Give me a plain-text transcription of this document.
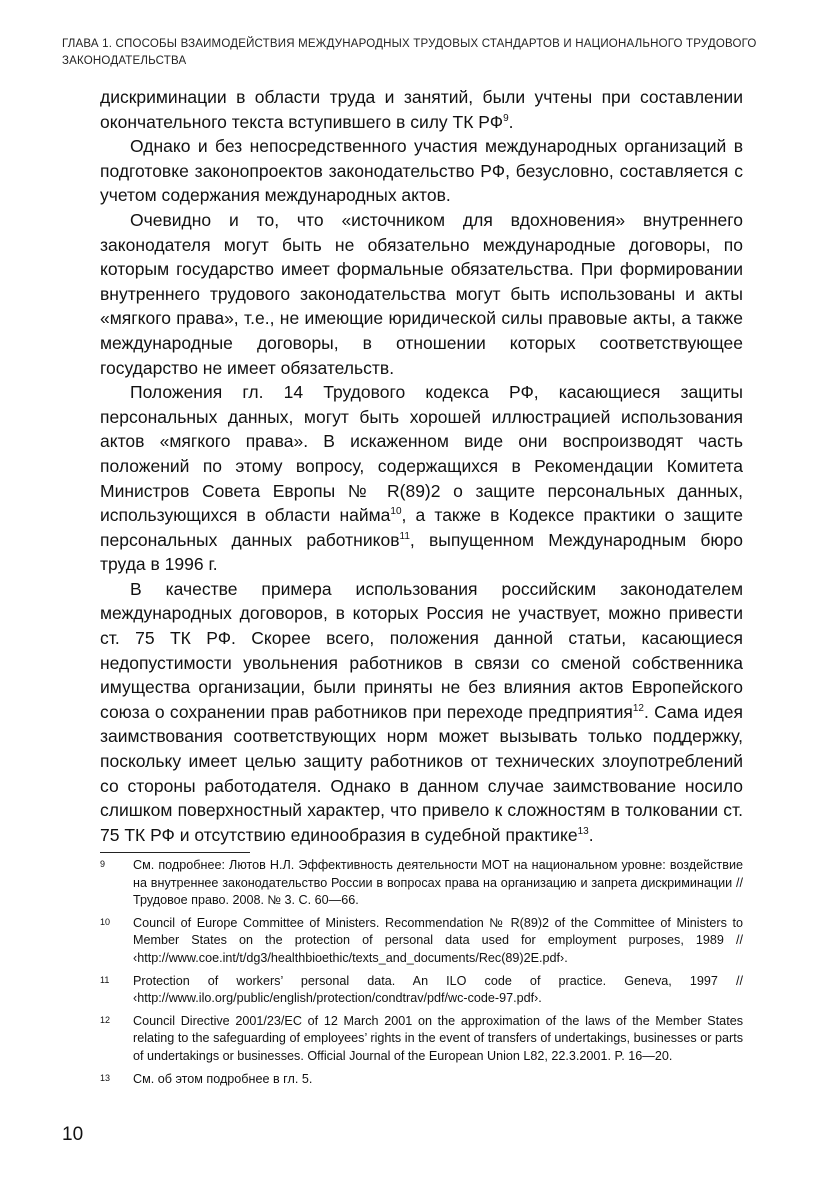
ГЛАВА 1. СПОСОБЫ ВЗАИМОДЕЙСТВИЯ МЕЖДУНАРОДНЫХ ТРУДОВЫХ СТАНДАРТОВ И НАЦИОНАЛЬНОГО ТРУДОВОГО ЗАКОНОДАТЕЛЬСТВА

дискриминации в области труда и занятий, были учтены при составлении окончательного текста вступившего в силу ТК $РФ^9$.

Однако и без непосредственного участия международных организаций в подготовке законопроектов законодательство РФ, безусловно, составляется с учетом содержания международных актов.

Очевидно и то, что «источником для вдохновения» внутреннего законодателя могут быть не обязательно международные договоры, по которым государство имеет формальные обязательства. При формировании внутреннего трудового законодательства могут быть использованы и акты «мягкого права», т.е., не имеющие юридической силы правовые акты, а также международные договоры, в отношении которых соответствующее государство не имеет обязательств.

Положения гл. 14 Трудового кодекса РФ, касающиеся защиты персональных данных, могут быть хорошей иллюстрацией использования актов «мягкого права». В искаженном виде они воспроизводят часть положений по этому вопросу, содержащихся в Рекомендации Комитета Министров Совета Европы № R(89)2 о защите персональных данных, использующихся в области найма$^{10}$, а также в Кодексе практики о защите персональных данных работников$^{11}$, выпущенном Международным бюро труда в 1996 г.

В качестве примера использования российским законодателем международных договоров, в которых Россия не участвует, можно привести ст. 75 ТК РФ. Скорее всего, положения данной статьи, касающиеся недопустимости увольнения работников в связи со сменой собственника имущества организации, были приняты не без влияния актов Европейского союза о сохранении прав работников при переходе предприятия$^{12}$. Сама идея заимствования соответствующих норм может вызывать только поддержку, поскольку имеет целью защиту работников от технических злоупотреблений со стороны работодателя. Однако в данном случае заимствование носило слишком поверхностный характер, что привело к сложностям в толковании ст. 75 ТК РФ и отсутствию единообразия в судебной практике$^{13}$.

9 См. подробнее: Лютов Н.Л. Эффективность деятельности МОТ на национальном уровне: воздействие на внутреннее законодательство России в вопросах права на организацию и запрета дискриминации // Трудовое право. 2008. № 3. С. 60—66.
10 Council of Europe Committee of Ministers. Recommendation № R(89)2 of the Committee of Ministers to Member States on the protection of personal data used for employment purposes, 1989 // ‹http://www.coe.int/t/dg3/healthbioethic/texts_and_documents/Rec(89)2E.pdf›.
11 Protection of workers’ personal data. An ILO code of practice. Geneva, 1997 // ‹http://www.ilo.org/public/english/protection/condtrav/pdf/wc-code-97.pdf›.
12 Council Directive 2001/23/EC of 12 March 2001 on the approximation of the laws of the Member States relating to the safeguarding of employees’ rights in the event of transfers of undertakings, businesses or parts of undertakings or businesses. Official Journal of the European Union L82, 22.3.2001. P. 16—20.
13 См. об этом подробнее в гл. 5.
10
